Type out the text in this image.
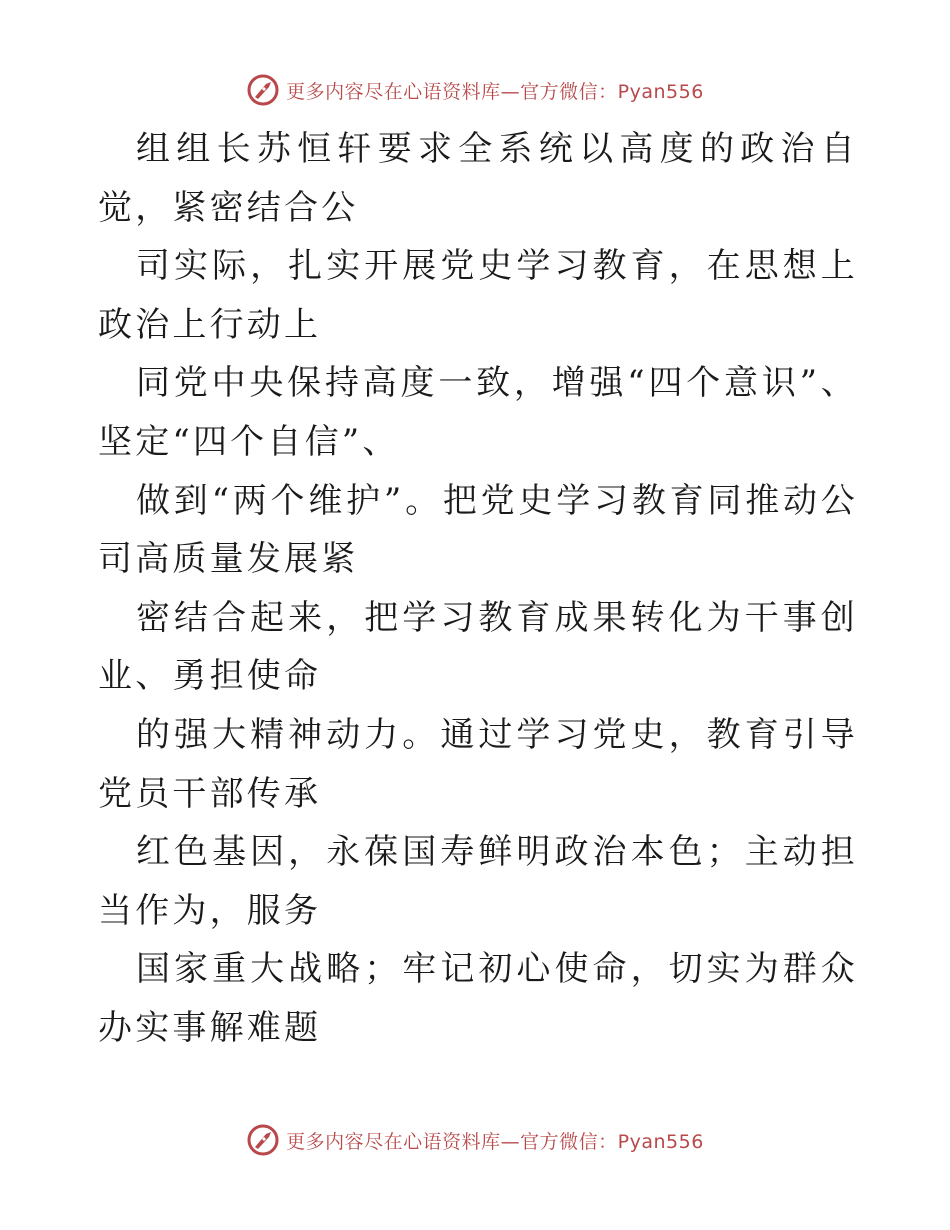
更多内容尽在心语资料库—官方微信：Pyan556

组组长苏恒轩要求全系统以高度的政治自觉，紧密结合公

司实际，扎实开展党史学习教育，在思想上政治上行动上

同党中央保持高度一致，增强“四个意识”、坚定“四个自信”、

做到“两个维护”。把党史学习教育同推动公司高质量发展紧

密结合起来，把学习教育成果转化为干事创业、勇担使命

的强大精神动力。通过学习党史，教育引导党员干部传承

红色基因，永葆国寿鲜明政治本色；主动担当作为，服务

国家重大战略；牢记初心使命，切实为群众办实事解难题

更多内容尽在心语资料库—官方微信：Pyan556
